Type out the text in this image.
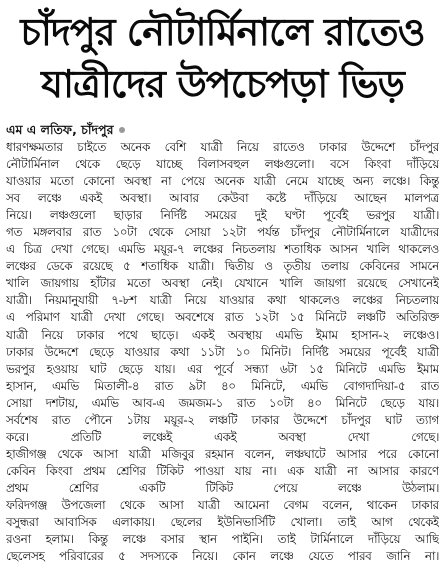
চাঁদপুর নৌটার্মিনালে রাতেও
যাত্রীদের উপচেপড়া ভিড়
এম এ লতিফ, চাঁদপুর

ধারণক্ষমতার চাইতে অনেক বেশি যাত্রী নিয়ে রাতেও ঢাকার উদ্দেশে চাঁদপুর
নৌটার্মিনাল থেকে ছেড়ে যাচ্ছে বিলাসবহুল লঞ্চগুলো। বসে কিংবা দাঁড়িয়ে
যাওয়ার মতো কোনো অবস্থা না পেয়ে অনেক যাত্রী নেমে যাচ্ছে অন্য লঞ্চে। কিন্তু
সব লঞ্চে একই অবস্থা। আবার কেউবা কষ্টে দাঁড়িয়ে আছেন মালপত্র
নিয়ে। লঞ্চগুলো ছাড়ার নির্দিষ্ট সময়ের দুই ঘণ্টা পূর্বেই ভরপুর যাত্রী।

গত মঙ্গলবার রাত ১০টা থেকে সোয়া ১২টা পর্যন্ত চাঁদপুর নৌটার্মিনালে যাত্রীদের
এ চিত্র দেখা গেছে। এমভি ময়ূর-৭ লঞ্চের নিচতলায় শতাধিক আসন খালি থাকলেও
লঞ্চের ডেকে রয়েছে ৫ শতাধিক যাত্রী। দ্বিতীয় ও তৃতীয় তলায় কেবিনের সামনে
খালি জায়গায় হাঁটার মতো অবস্থা নেই। যেখানে খালি জায়গা রয়েছে সেখানেই
যাত্রী। নিয়মানুযায়ী ৭-৮শ যাত্রী নিয়ে যাওয়ার কথা থাকলেও লঞ্চের নিচতলায়
এ পরিমাণ যাত্রী দেখা গেছে। অবশেষে রাত ১২টা ১৫ মিনিটে লঞ্চটি অতিরিক্ত
যাত্রী নিয়ে ঢাকার পথে ছাড়ে। একই অবস্থায় এমভি ইমাম হাসান-২ লঞ্চেও।
ঢাকার উদ্দেশে ছেড়ে যাওয়ার কথা ১১টা ১০ মিনিট। নির্দিষ্ট সময়ের পূর্বেই যাত্রী
ভরপুর হওয়ায় ঘাট ছেড়ে যায়। এর পূর্বে সন্ধ্যা ৬টা ১৫ মিনিটে এমভি ইমাম
হাসান, এমভি মিতালী-৪ রাত ৯টা ৪০ মিনিটে, এমভি বোগদাদিয়া-৫ রাত
সোয়া দশটায়, এমভি আব-এ জমজম-১ রাত ১০টা ৪০ মিনিটে ছেড়ে যায়।
সর্বশেষ রাত পৌনে ১টায় ময়ূর-২ লঞ্চটি ঢাকার উদ্দেশে চাঁদপুর ঘাট ত্যাগ
করে। প্রতিটি লঞ্চেই একই অবস্থা দেখা গেছে।

হাজীগঞ্জ থেকে আসা যাত্রী মজিবুর রহমান বলেন, লঞ্চঘাটে আসার পরে কোনো
কেবিন কিংবা প্রথম শ্রেণির টিকিট পাওয়া যায় না। এক যাত্রী না আসার কারণে
প্রথম শ্রেণির একটি টিকিট পেয়ে লঞ্চে উঠলাম।

ফরিদগঞ্জ উপজেলা থেকে আসা যাত্রী আমেনা বেগম বলেন, থাকেন ঢাকার
বসুন্ধরা আবাসিক এলাকায়। ছেলের ইউনিভার্সিটি খোলা। তাই আগ থেকেই
রওনা হলাম। কিন্তু লঞ্চে বসার স্থান পাইনি। তাই টার্মিনালে দাঁড়িয়ে আছি
ছেলেসহ পরিবারের ৫ সদস্যকে নিয়ে। কোন লঞ্চে যেতে পারব জানি না।
